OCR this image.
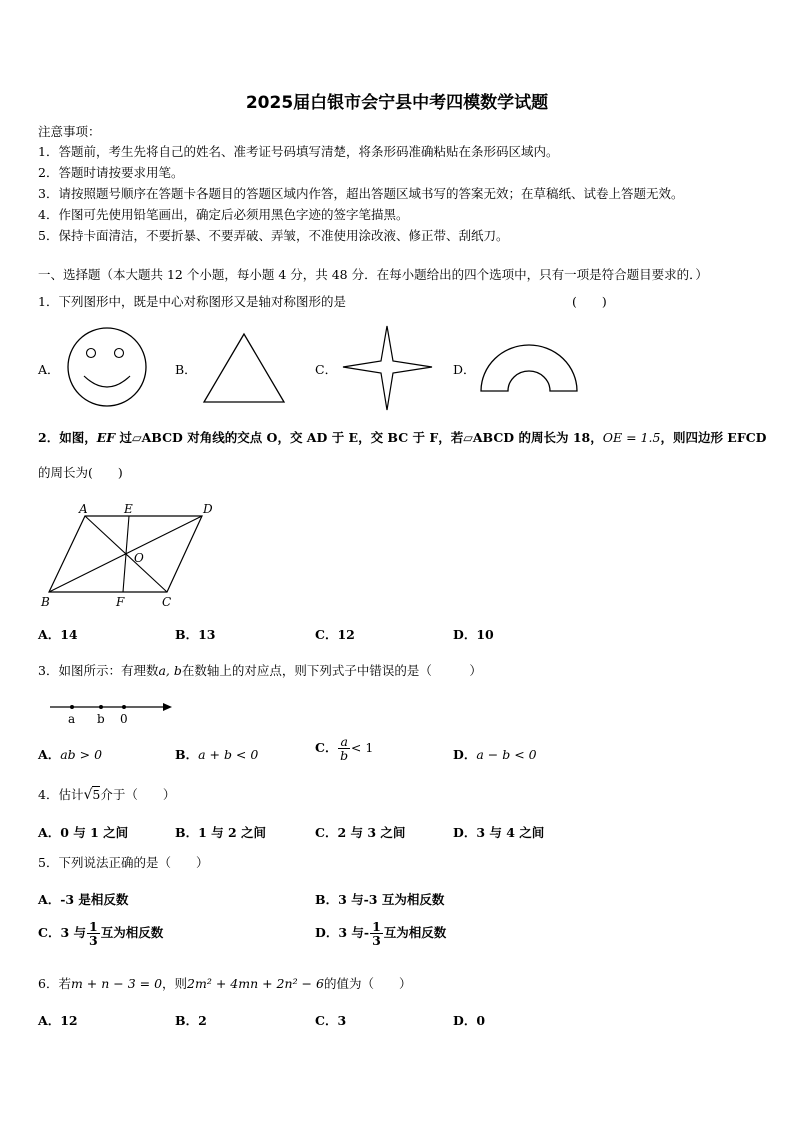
2025届白银市会宁县中考四模数学试题
注意事项：
1．答题前，考生先将自己的姓名、准考证号码填写清楚，将条形码准确粘贴在条形码区域内。
2．答题时请按要求用笔。
3．请按照题号顺序在答题卡各题目的答题区域内作答，超出答题区域书写的答案无效；在草稿纸、试卷上答题无效。
4．作图可先使用铅笔画出，确定后必须用黑色字迹的签字笔描黑。
5．保持卡面清洁，不要折暴、不要弄破、弄皱，不准使用涂改液、修正带、刮纸刀。
一、选择题（本大题共 12 个小题，每小题 4 分，共 48 分．在每小题给出的四个选项中，只有一项是符合题目要求的．）
1．下列图形中，既是中心对称图形又是轴对称图形的是	(　　)
A．	B．	C．	D．
2．如图，EF 过▱ABCD 对角线的交点 O，交 AD 于 E，交 BC 于 F，若▱ABCD 的周长为 18，OE = 1.5，则四边形 EFCD
的周长为(　　)
A	E	D
O
B	F	C
A．14	B．13	C．12	D．10
3．如图所示：有理数a, b在数轴上的对应点，则下列式子中错误的是（　　　）
a b 0
A．ab > 0	B．a + b < 0	C． $\frac{a}{b} < 1$	D．a − b < 0
4．估计√5介于（　　）
A．0 与 1 之间	B．1 与 2 之间	C．2 与 3 之间	D．3 与 4 之间
5．下列说法正确的是（　　）
A．-3 是相反数	B．3 与-3 互为相反数
C．3 与 $\frac{1}{3}$ 互为相反数	D．3 与- $\frac{1}{3}$ 互为相反数
6．若m + n − 3 = 0，则2m² + 4mn + 2n² − 6的值为（　　）
A．12	B．2	C．3	D．0
